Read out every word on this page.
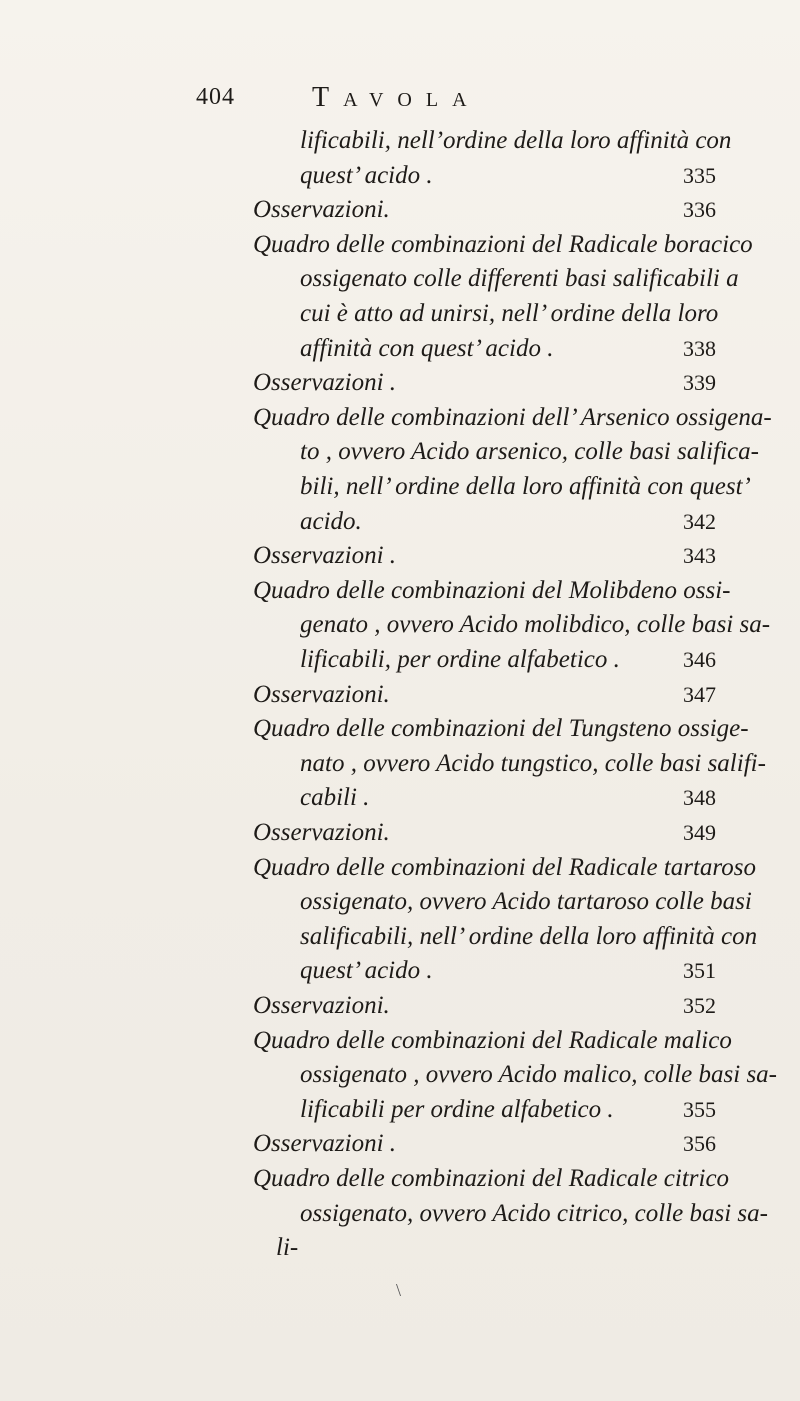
404	Tavola
lificabili, nell’ordine della loro affinità con
quest’ acido .	335
Osservazioni.	336
Quadro delle combinazioni del Radicale boracico
ossigenato colle differenti basi salificabili a
cui è atto ad unirsi, nell’ ordine della loro
affinità con quest’ acido .	338
Osservazioni .	339
Quadro delle combinazioni dell’ Arsenico ossigena-
to , ovvero Acido arsenico, colle basi salifica-
bili, nell’ ordine della loro affinità con quest’
acido.	342
Osservazioni .	343
Quadro delle combinazioni del Molibdeno ossi-
genato , ovvero Acido molibdico, colle basi sa-
lificabili, per ordine alfabetico .	346
Osservazioni.	347
Quadro delle combinazioni del Tungsteno ossige-
nato , ovvero Acido tungstico, colle basi salifi-
cabili .	348
Osservazioni.	349
Quadro delle combinazioni del Radicale tartaroso
ossigenato, ovvero Acido tartaroso colle basi
salificabili, nell’ ordine della loro affinità con
quest’ acido .	351
Osservazioni.	352
Quadro delle combinazioni del Radicale malico
ossigenato , ovvero Acido malico, colle basi sa-
lificabili per ordine alfabetico .	355
Osservazioni .	356
Quadro delle combinazioni del Radicale citrico
ossigenato, ovvero Acido citrico, colle basi sa-
li-
\
